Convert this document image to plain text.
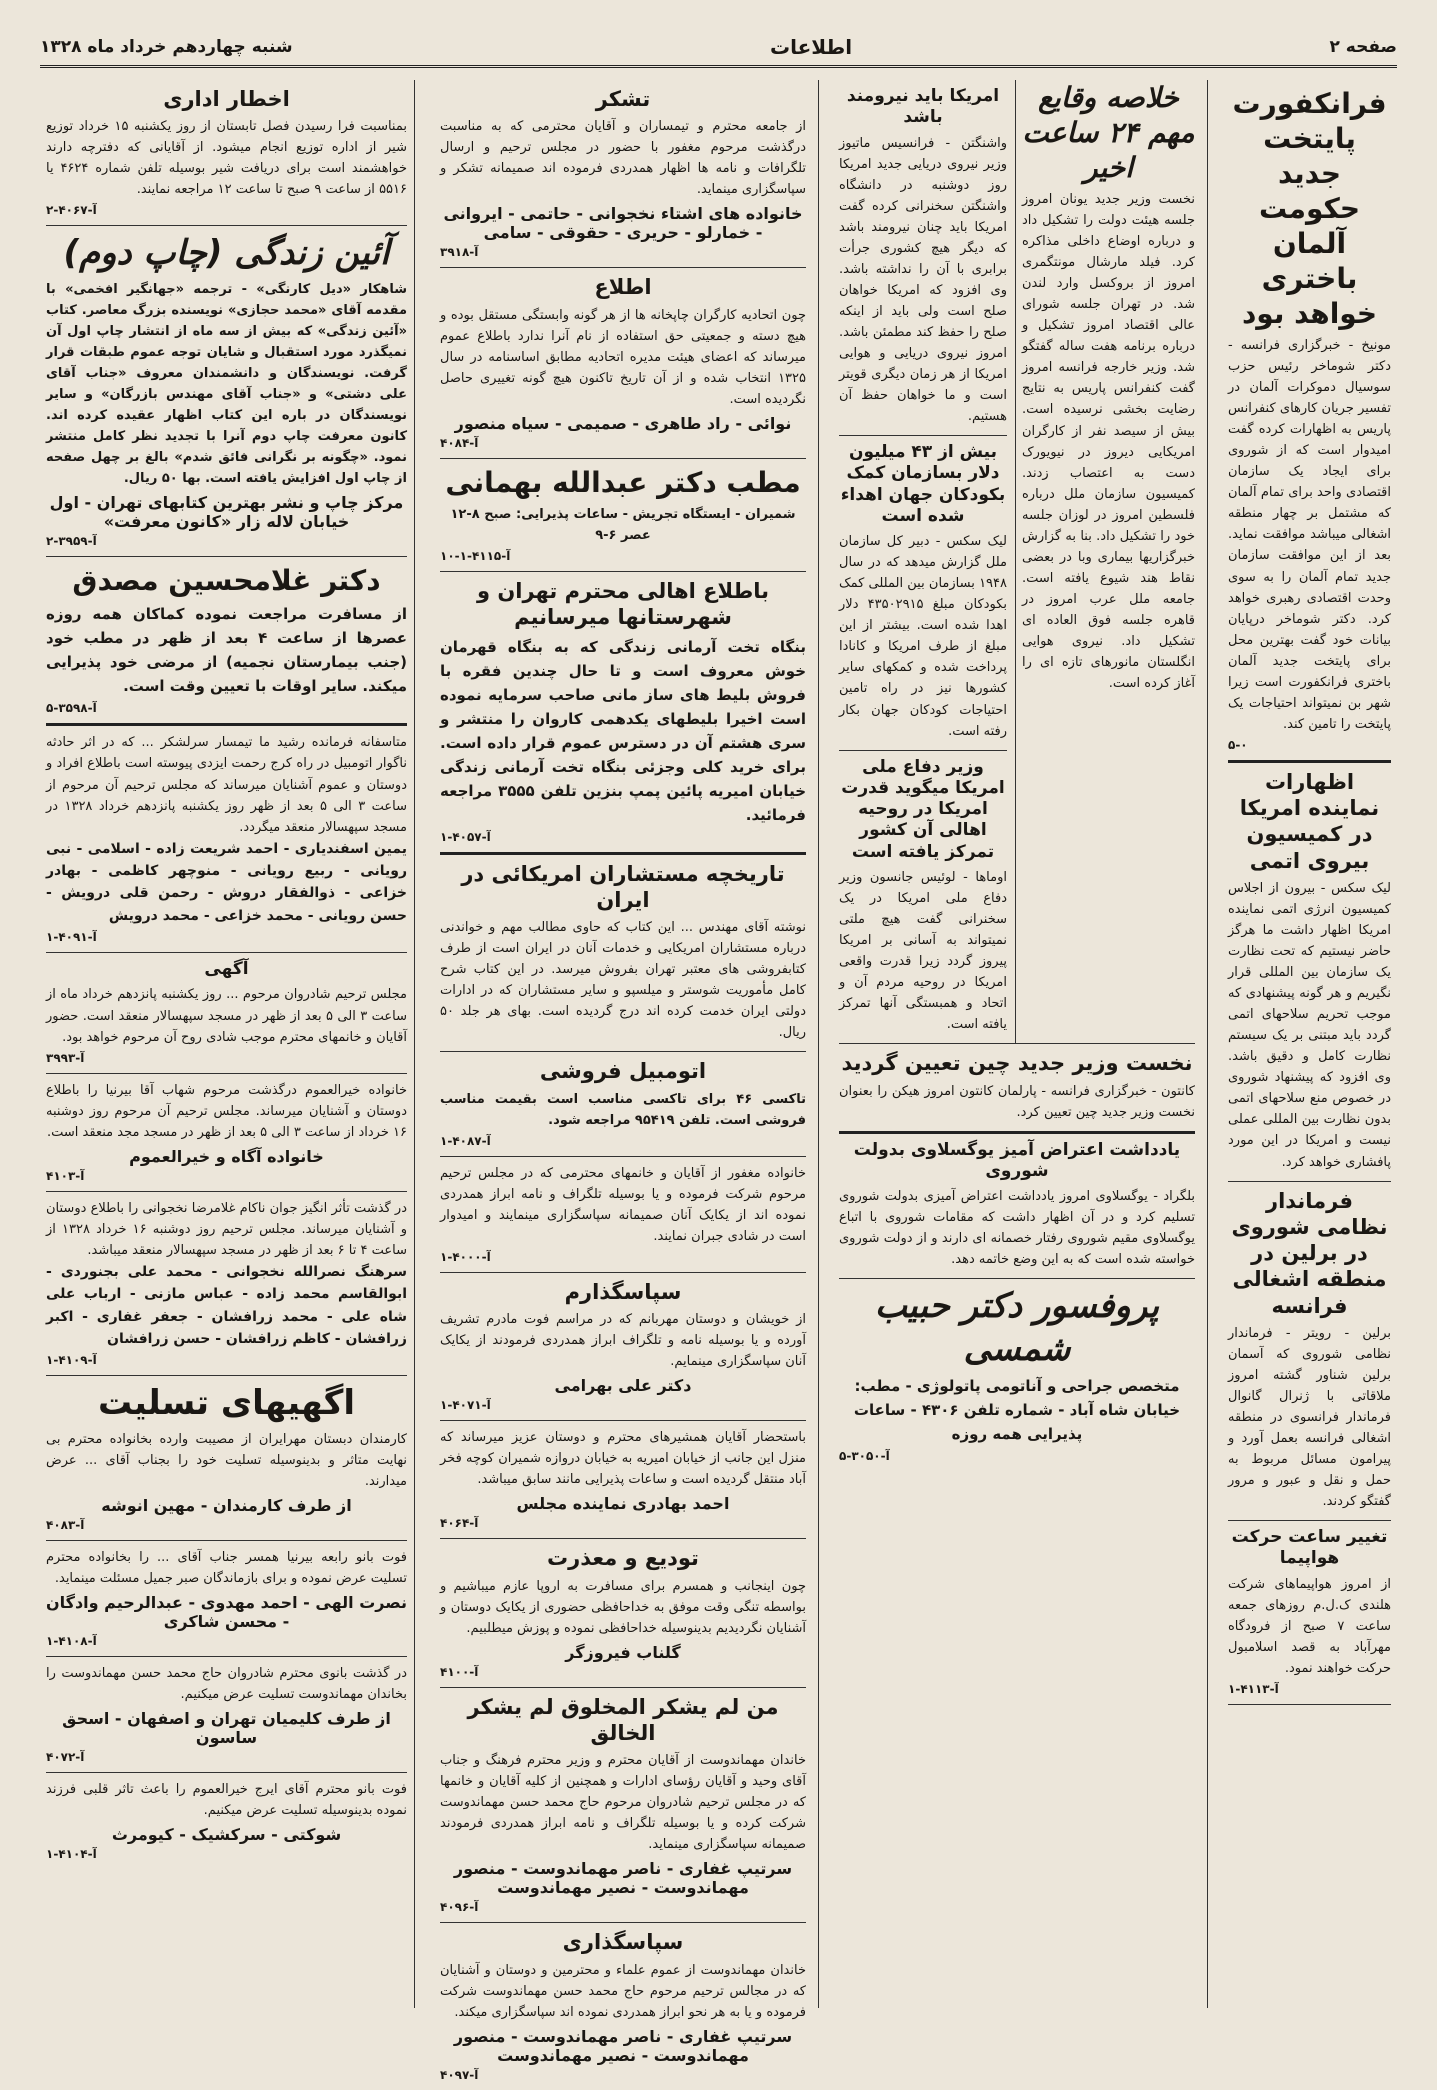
صفحه ۲
اطلاعات
شنبه چهاردهم خرداد ماه ۱۳۲۸
فرانکفورت پایتخت جدید حکومت آلمان باختری خواهد بود
مونیخ - خبرگزاری فرانسه - دکتر شوماخر رئیس حزب سوسیال دموکرات آلمان در تفسیر جریان کارهای کنفرانس پاریس به اظهارات کرده گفت امیدوار است که از شوروی برای ایجاد یک سازمان اقتصادی واحد برای تمام آلمان که مشتمل بر چهار منطقه اشغالی میباشد موافقت نماید. بعد از این موافقت سازمان جدید تمام آلمان را به سوی وحدت اقتصادی رهبری خواهد کرد. دکتر شوماخر درپایان بیانات خود گفت بهترین محل برای پایتخت جدید آلمان باختری فرانکفورت است زیرا شهر بن نمیتواند احتیاجات یک پایتخت را تامین کند.
۵-۰
اظهارات نماینده امریکا در کمیسیون بیروی اتمی
لیک سکس - بیرون از اجلاس کمیسیون انرژی اتمی نماینده امریکا اظهار داشت ما هرگز حاضر نیستیم که تحت نظارت یک سازمان بین المللی قرار نگیریم و هر گونه پیشنهادی که موجب تحریم سلاحهای اتمی گردد باید مبتنی بر یک سیستم نظارت کامل و دقیق باشد. وی افزود که پیشنهاد شوروی در خصوص منع سلاحهای اتمی بدون نظارت بین المللی عملی نیست و امریکا در این مورد پافشاری خواهد کرد.
فرماندار نظامی شوروی در برلین در منطقه اشغالی فرانسه
برلین - رویتر - فرماندار نظامی شوروی که آسمان برلین شناور گشته امروز ملاقاتی با ژنرال گانوال فرماندار فرانسوی در منطقه اشغالی فرانسه بعمل آورد و پیرامون مسائل مربوط به حمل و نقل و عبور و مرور گفتگو کردند.
تغییر ساعت حرکت هواپیما
از امروز هواپیماهای شرکت هلندی ک.ل.م روزهای جمعه ساعت ۷ صبح از فرودگاه مهرآباد به قصد اسلامبول حرکت خواهند نمود.
آ-۴۱۱۳-۱
خلاصه وقایع مهم ۲۴ ساعت اخیر
نخست وزیر جدید یونان امروز جلسه هیئت دولت را تشکیل داد و درباره اوضاع داخلی مذاکره کرد. فیلد مارشال مونتگمری امروز از بروکسل وارد لندن شد. در تهران جلسه شورای عالی اقتصاد امروز تشکیل و درباره برنامه هفت ساله گفتگو شد. وزیر خارجه فرانسه امروز گفت کنفرانس پاریس به نتایج رضایت بخشی نرسیده است. بیش از سیصد نفر از کارگران امریکایی دیروز در نیویورک دست به اعتصاب زدند. کمیسیون سازمان ملل درباره فلسطین امروز در لوزان جلسه خود را تشکیل داد. بنا به گزارش خبرگزاریها بیماری وبا در بعضی نقاط هند شیوع یافته است. جامعه ملل عرب امروز در قاهره جلسه فوق العاده ای تشکیل داد. نیروی هوایی انگلستان مانورهای تازه ای را آغاز کرده است.
امریکا باید نیرومند باشد
واشنگتن - فرانسیس ماتیوز وزیر نیروی دریایی جدید امریکا روز دوشنبه در دانشگاه واشنگتن سخنرانی کرده گفت امریکا باید چنان نیرومند باشد که دیگر هیچ کشوری جرأت برابری با آن را نداشته باشد. وی افزود که امریکا خواهان صلح است ولی باید از اینکه صلح را حفظ کند مطمئن باشد. امروز نیروی دریایی و هوایی امریکا از هر زمان دیگری قویتر است و ما خواهان حفظ آن هستیم.
بیش از ۴۳ میلیون دلار بسازمان کمک بکودکان جهان اهداء شده است
لیک سکس - دبیر کل سازمان ملل گزارش میدهد که در سال ۱۹۴۸ بسازمان بین المللی کمک بکودکان مبلغ ۴۳۵۰۲۹۱۵ دلار اهدا شده است. بیشتر از این مبلغ از طرف امریکا و کانادا پرداخت شده و کمکهای سایر کشورها نیز در راه تامین احتیاجات کودکان جهان بکار رفته است.
وزیر دفاع ملی امریکا میگوید قدرت امریکا در روحیه اهالی آن کشور تمرکز یافته است
اوماها - لوئیس جانسون وزیر دفاع ملی امریکا در یک سخنرانی گفت هیچ ملتی نمیتواند به آسانی بر امریکا پیروز گردد زیرا قدرت واقعی امریکا در روحیه مردم آن و اتحاد و همبستگی آنها تمرکز یافته است.
نخست وزیر جدید چین تعیین گردید
کانتون - خبرگزاری فرانسه - پارلمان کانتون امروز هیکن را بعنوان نخست وزیر جدید چین تعیین کرد.
یادداشت اعتراض آمیز یوگسلاوی بدولت شوروی
بلگراد - یوگسلاوی امروز یادداشت اعتراض آمیزی بدولت شوروی تسلیم کرد و در آن اظهار داشت که مقامات شوروی با اتباع یوگسلاوی مقیم شوروی رفتار خصمانه ای دارند و از دولت شوروی خواسته شده است که به این وضع خاتمه دهد.
پروفسور دکتر حبیب شمسی
متخصص جراحی و آناتومی پاتولوژی - مطب: خیابان شاه آباد - شماره تلفن ۴۳۰۶ - ساعات پذیرایی همه روزه
آ-۳۰۵۰-۵
تشکر
از جامعه محترم و تیمساران و آقایان محترمی که به مناسبت درگذشت مرحوم مغفور با حضور در مجلس ترحیم و ارسال تلگرافات و نامه ها اظهار همدردی فرموده اند صمیمانه تشکر و سپاسگزاری مینماید.
خانواده های اشتاء نخجوانی - حاتمی - ایروانی - خمارلو - حریری - حقوقی - سامی
آ-۳۹۱۸
اطلاع
چون اتحادیه کارگران چاپخانه ها از هر گونه وابستگی مستقل بوده و هیچ دسته و جمعیتی حق استفاده از نام آنرا ندارد باطلاع عموم میرساند که اعضای هیئت مدیره اتحادیه مطابق اساسنامه در سال ۱۳۲۵ انتخاب شده و از آن تاریخ تاکنون هیچ گونه تغییری حاصل نگردیده است.
نوائی - راد طاهری - صمیمی - سیاه منصور
آ-۴۰۸۴
مطب دکتر عبدالله بهمانی
شمیران - ایستگاه تجریش - ساعات پذیرایی: صبح ۸-۱۲ عصر ۶-۹
آ-۴۱۱۵-۱-۱۰
باطلاع اهالی محترم تهران و شهرستانها میرسانیم
بنگاه تخت آرمانی زندگی که به بنگاه قهرمان خوش معروف است و تا حال چندین فقره با فروش بلیط های ساز مانی صاحب سرمایه نموده است اخیرا بلیطهای یکدهمی کاروان را منتشر و سری هشتم آن در دسترس عموم قرار داده است. برای خرید کلی وجزئی بنگاه تخت آرمانی زندگی خیابان امیریه پائین پمپ بنزین تلفن ۳۵۵۵ مراجعه فرمائید.
آ-۴۰۵۷-۱
تاریخچه مستشاران امریکائی در ایران
نوشته آقای مهندس ... این کتاب که حاوی مطالب مهم و خواندنی درباره مستشاران امریکایی و خدمات آنان در ایران است از طرف کتابفروشی های معتبر تهران بفروش میرسد. در این کتاب شرح کامل مأموریت شوستر و میلسپو و سایر مستشاران که در ادارات دولتی ایران خدمت کرده اند درج گردیده است. بهای هر جلد ۵۰ ریال.
اتومبیل فروشی
تاکسی ۴۶ برای تاکسی مناسب است بقیمت مناسب فروشی است. تلفن ۹۵۴۱۹ مراجعه شود.
آ-۴۰۸۷-۱
خانواده مغفور از آقایان و خانمهای محترمی که در مجلس ترحیم مرحوم شرکت فرموده و یا بوسیله تلگراف و نامه ابراز همدردی نموده اند از یکایک آنان صمیمانه سپاسگزاری مینمایند و امیدوار است در شادی جبران نمایند.
آ-۴۰۰۰-۱
سپاسگذارم
از خویشان و دوستان مهربانم که در مراسم فوت مادرم تشریف آورده و یا بوسیله نامه و تلگراف ابراز همدردی فرمودند از یکایک آنان سپاسگزاری مینمایم.
دکتر علی بهرامی
آ-۴۰۷۱-۱
باستحضار آقایان همشیرهای محترم و دوستان عزیز میرساند که منزل این جانب از خیابان امیریه به خیابان دروازه شمیران کوچه فخر آباد منتقل گردیده است و ساعات پذیرایی مانند سابق میباشد.
احمد بهادری نماینده مجلس
آ-۴۰۶۴
تودیع و معذرت
چون اینجانب و همسرم برای مسافرت به اروپا عازم میباشیم و بواسطه تنگی وقت موفق به خداحافظی حضوری از یکایک دوستان و آشنایان نگردیدیم بدینوسیله خداحافظی نموده و پوزش میطلبیم.
گلناب فیروزگر
آ-۴۱۰۰
من لم یشکر المخلوق لم یشکر الخالق
خاندان مهماندوست از آقایان محترم و وزیر محترم فرهنگ و جناب آقای وحید و آقایان رؤسای ادارات و همچنین از کلیه آقایان و خانمها که در مجلس ترحیم شادروان مرحوم حاج محمد حسن مهماندوست شرکت کرده و یا بوسیله تلگراف و نامه ابراز همدردی فرمودند صمیمانه سپاسگزاری مینماید.
سرتیپ غفاری - ناصر مهماندوست - منصور مهماندوست - نصیر مهماندوست
آ-۴۰۹۶
سپاسگذاری
خاندان مهماندوست از عموم علماء و محترمین و دوستان و آشنایان که در مجالس ترحیم مرحوم حاج محمد حسن مهماندوست شرکت فرموده و یا به هر نحو ابراز همدردی نموده اند سپاسگزاری میکند.
سرتیپ غفاری - ناصر مهماندوست - منصور مهماندوست - نصیر مهماندوست
آ-۴۰۹۷
اخطار اداری
بمناسبت فرا رسیدن فصل تابستان از روز یکشنبه ۱۵ خرداد توزیع شیر از اداره توزیع انجام میشود. از آقایانی که دفترچه دارند خواهشمند است برای دریافت شیر بوسیله تلفن شماره ۴۶۲۴ یا ۵۵۱۶ از ساعت ۹ صبح تا ساعت ۱۲ مراجعه نمایند.
آ-۴۰۶۷-۲
آئین زندگی (چاپ دوم)
شاهکار «دیل کارنگی» - ترجمه «جهانگیر افخمی» با مقدمه آقای «محمد حجازی» نویسنده بزرگ معاصر. کتاب «آئین زندگی» که بیش از سه ماه از انتشار چاپ اول آن نمیگذرد مورد استقبال و شایان توجه عموم طبقات قرار گرفت. نویسندگان و دانشمندان معروف «جناب آقای علی دشتی» و «جناب آقای مهندس بازرگان» و سایر نویسندگان در باره این کتاب اظهار عقیده کرده اند. کانون معرفت چاپ دوم آنرا با تجدید نظر کامل منتشر نمود. «چگونه بر نگرانی فائق شدم» بالغ بر چهل صفحه از چاپ اول افزایش یافته است. بها ۵۰ ریال.
مرکز چاپ و نشر بهترین کتابهای تهران - اول خیابان لاله زار «کانون معرفت»
آ-۳۹۵۹-۲
دکتر غلامحسین مصدق
از مسافرت مراجعت نموده کماکان همه روزه عصرها از ساعت ۴ بعد از ظهر در مطب خود (جنب بیمارستان نجمیه) از مرضی خود پذیرایی میکند. سایر اوقات با تعیین وقت است.
آ-۳۵۹۸-۵
متاسفانه فرمانده رشید ما تیمسار سرلشکر ... که در اثر حادثه ناگوار اتومبیل در راه کرج رحمت ایزدی پیوسته است باطلاع افراد و دوستان و عموم آشنایان میرساند که مجلس ترحیم آن مرحوم از ساعت ۳ الی ۵ بعد از ظهر روز یکشنبه پانزدهم خرداد ۱۳۲۸ در مسجد سپهسالار منعقد میگردد.
یمین اسفندیاری - احمد شریعت زاده - اسلامی - نبی رویانی - ربیع رویانی - منوچهر کاظمی - بهادر خزاعی - ذوالفقار دروش - رحمن قلی درویش - حسن رویانی - محمد خزاعی - محمد درویش
آ-۴۰۹۱-۱
آگهی
مجلس ترحیم شادروان مرحوم ... روز یکشنبه پانزدهم خرداد ماه از ساعت ۳ الی ۵ بعد از ظهر در مسجد سپهسالار منعقد است. حضور آقایان و خانمهای محترم موجب شادی روح آن مرحوم خواهد بود.
آ-۳۹۹۳
خانواده خیرالعموم درگذشت مرحوم شهاب آقا بیرنیا را باطلاع دوستان و آشنایان میرساند. مجلس ترحیم آن مرحوم روز دوشنبه ۱۶ خرداد از ساعت ۳ الی ۵ بعد از ظهر در مسجد مجد منعقد است.
خانواده آگاه و خیرالعموم
آ-۴۱۰۳
در گذشت تأثر انگیز جوان ناکام غلامرضا نخجوانی را باطلاع دوستان و آشنایان میرساند. مجلس ترحیم روز دوشنبه ۱۶ خرداد ۱۳۲۸ از ساعت ۴ تا ۶ بعد از ظهر در مسجد سپهسالار منعقد میباشد.
سرهنگ نصرالله نخجوانی - محمد علی بجنوردی - ابوالقاسم محمد زاده - عباس مازنی - ارباب علی شاه علی - محمد زرافشان - جعفر غفاری - اکبر زرافشان - کاظم زرافشان - حسن زرافشان
آ-۴۱۰۹-۱
اگهیهای تسلیت
کارمندان دبستان مهرایران از مصیبت وارده بخانواده محترم بی نهایت متاثر و بدینوسیله تسلیت خود را بجناب آقای ... عرض میدارند.
از طرف کارمندان - مهین انوشه
آ-۴۰۸۳
فوت بانو رابعه بیرنیا همسر جناب آقای ... را بخانواده محترم تسلیت عرض نموده و برای بازماندگان صبر جمیل مسئلت مینماید.
نصرت الهی - احمد مهدوی - عبدالرحیم وادگان - محسن شاکری
آ-۴۱۰۸-۱
در گذشت بانوی محترم شادروان حاج محمد حسن مهماندوست را بخاندان مهماندوست تسلیت عرض میکنیم.
از طرف کلیمیان تهران و اصفهان - اسحق ساسون
آ-۴۰۷۲
فوت بانو محترم آقای ایرج خیرالعموم را باعث تاثر قلبی فرزند نموده بدینوسیله تسلیت عرض میکنیم.
شوکتی - سرکشیک - کیومرث
آ-۴۱۰۴-۱
